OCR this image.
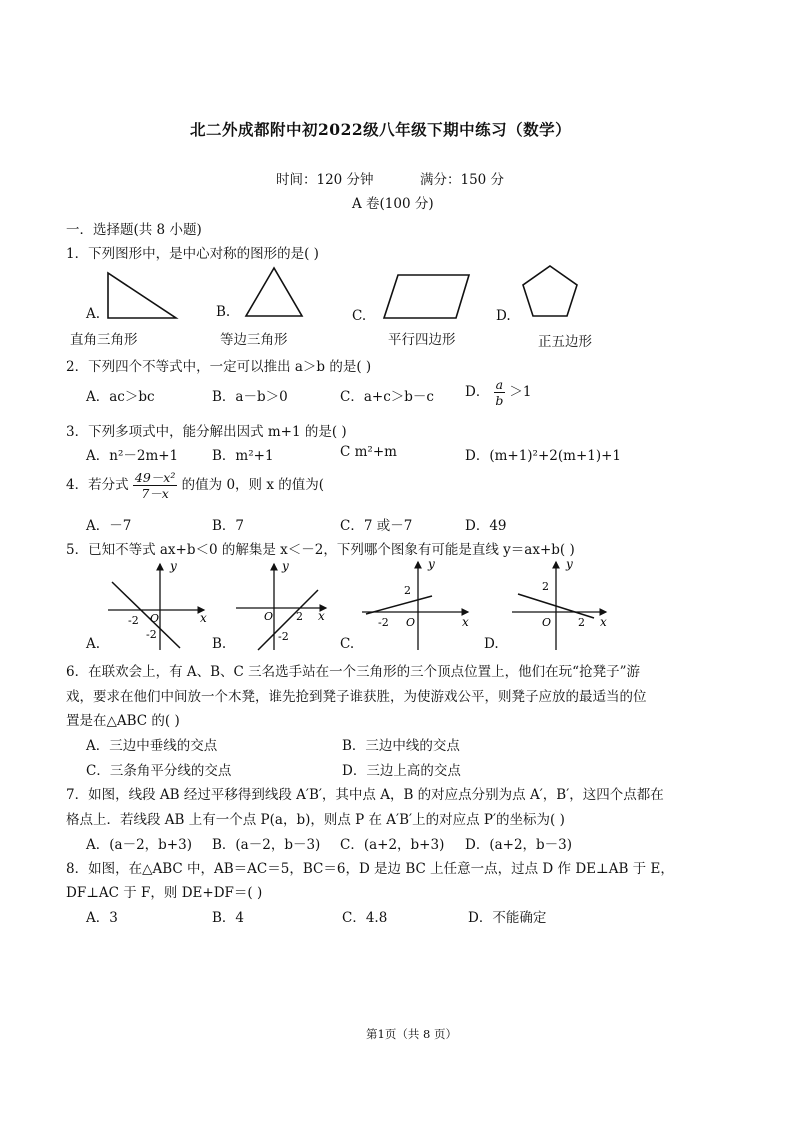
北二外成都附中初2022级八年级下期中练习（数学）
时间：120 分钟	满分：150 分
A 卷(100 分)
一．选择题(共 8 小题)
1．下列图形中，是中心对称的图形的是( )
A.	B.	C.	D.
直角三角形	等边三角形	平行四边形	正五边形
2．下列四个不等式中，一定可以推出 a＞b 的是( )
A．ac＞bc	B．a－b＞0	C．a+c＞b－c D． $\frac{a}{b} >1$
3．下列多项式中，能分解出因式 m+1 的是( )
A．n²－2m+1	B．m²+1	C m²+m	D．(m+1)²+2(m+1)+1
4．若分式 $\frac{\text{49－x²}}{7-x}$ 的值为 0，则 x 的值为(
A．－7	B．7	C．7 或－7	D．49
5．已知不等式 ax+b＜0 的解集是 x＜－2，下列哪个图象有可能是直线 y＝ax+b( )
y
x
O
-2
-2
y
x
O 2
-2
y
x
O
2
-2
y
x
O
2
2
A.	B.	C.	D.
6．在联欢会上，有 A、B、C 三名选手站在一个三角形的三个顶点位置上，他们在玩“抢凳子”游
戏，要求在他们中间放一个木凳，谁先抢到凳子谁获胜，为使游戏公平，则凳子应放的最适当的位
置是在△ABC 的( )
A．三边中垂线的交点	B．三边中线的交点
C．三条角平分线的交点	D．三边上高的交点
7．如图，线段 AB 经过平移得到线段 A′B′，其中点 A，B 的对应点分别为点 A′，B′，这四个点都在
格点上．若线段 AB 上有一个点 P(a，b)，则点 P 在 A′B′上的对应点 P′的坐标为( )
A．(a－2，b+3) B．(a－2，b－3) C．(a+2，b+3) D．(a+2，b－3)
8．如图，在△ABC 中，AB＝AC＝5，BC＝6，D 是边 BC 上任意一点，过点 D 作 DE⊥AB 于 E，
DF⊥AC 于 F，则 DE+DF＝( )
A．3	B．4	C．4.8	D．不能确定
第1页（共 8 页）
